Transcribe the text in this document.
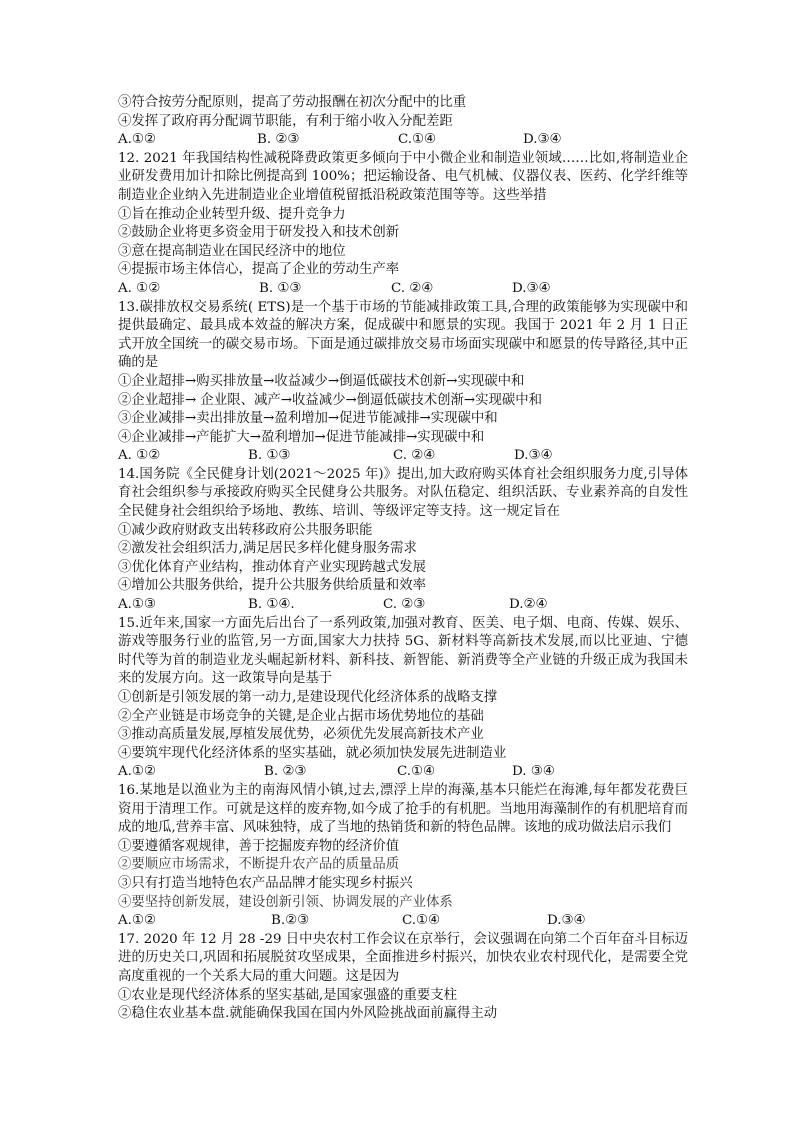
③符合按劳分配原则，提高了劳动报酬在初次分配中的比重
④发挥了政府再分配调节职能，有利于缩小收入分配差距
A.①②	B. ②③	C.①④	D.③④
12. 2021 年我国结构性减税降费政策更多倾向于中小微企业和制造业领域……比如,将制造业企业研发费用加计扣除比例提高到 100%；把运输设备、电气机械、仪器仪表、医药、化学纤维等制造业企业纳入先进制造业企业增值税留抵沿税政策范围等等。这些举措
①旨在推动企业转型升级、提升竞争力
②鼓励企业将更多资金用于研发投入和技术创新
③意在提高制造业在国民经济中的地位
④提振市场主体信心，提高了企业的劳动生产率
A. ①②	B. ①③	C. ②④	D.③④
13.碳排放权交易系统( ETS)是一个基于市场的节能减排政策工具,合理的政策能够为实现碳中和提供最确定、最具成本效益的解决方案，促成碳中和愿景的实现。我国于 2021 年 2 月 1 日正式开放全国统一的碳交易市场。下面是通过碳排放交易市场面实现碳中和愿景的传导路径,其中正确的是
①企业超排→购买排放量→收益减少→倒逼低碳技术创新→实现碳中和
②企业超排→ 企业限、减产→收益减少→倒逼低碳技术创渐→实现碳中和
③企业减排→卖出排放量→盈利增加→促进节能减排→实现碳中和
④企业减排→产能扩大→盈利增加→促进节能减排→实现碳中和
A. ①②	B. ①③	C. ②④	D.③④
14.国务院《全民健身计划(2021～2025 年)》提出,加大政府购买体育社会组织服务力度,引导体育社会组织参与承接政府购买全民健身公共服务。对队伍稳定、组织活跃、专业素养高的自发性全民健身社会组织给予场地、教练、培训、等级评定等支持。这一规定旨在
①减少政府财政支出转移政府公共服务职能
②激发社会组织活力,满足居民多样化健身服务需求
③优化体育产业结构，推动体育产业实现跨越式发展
④增加公共服务供给，提升公共服务供给质量和效率
A.①③	B. ①④.	C. ②③	D.②④
15.近年来,国家一方面先后出台了一系列政策,加强对教育、医美、电子烟、电商、传媒、娱乐、游戏等服务行业的监管,另一方面,国家大力扶持 5G、新材料等高新技术发展,而以比亚迪、宁德时代等为首的制造业龙头崛起新材料、新科技、新智能、新消费等全产业链的升级正成为我国未来的发展方向。这一政策导向是基于
①创新是引领发展的第一动力,是建设现代化经济体系的战略支撑
②全产业链是市场竞争的关键,是企业占据市场优势地位的基础
③推动高质量发展,厚植发展优势，必须优先发展高新技术产业
④要筑牢现代化经济体系的坚实基础，就必须加快发展先进制造业
A.①②	B. ②③	C.①④	D. ③④
16.某地是以渔业为主的南海风情小镇,过去,漂浮上岸的海藻,基本只能烂在海滩,每年都发花费巨资用于清理工作。可就是这样的废弃物,如今成了抢手的有机肥。当地用海藻制作的有机肥培育而成的地瓜,营养丰富、风味独特，成了当地的热销货和新的特色品牌。该地的成功做法启示我们
①要遵循客观规律，善于挖掘废弃物的经济价值
②要顺应市场需求，不断提升农产品的质量品质
③只有打造当地特色农产品品牌才能实现乡村振兴
④要坚持创新发展，建设创新引领、协调发展的产业体系
A.①②	B.②③	C.①④	D.③④
17. 2020 年 12 月 28 -29 日中央农村工作会议在京举行，会议强调在向第二个百年奋斗目标迈进的历史关口,巩固和拓展脱贫攻坚成果，全面推进乡村振兴，加快农业农村现代化，是需要全党高度重视的一个关系大局的重大问题。这是因为
①农业是现代经济体系的坚实基础,是国家强盛的重要支柱
②稳住农业基本盘.就能确保我国在国内外风险挑战面前赢得主动
